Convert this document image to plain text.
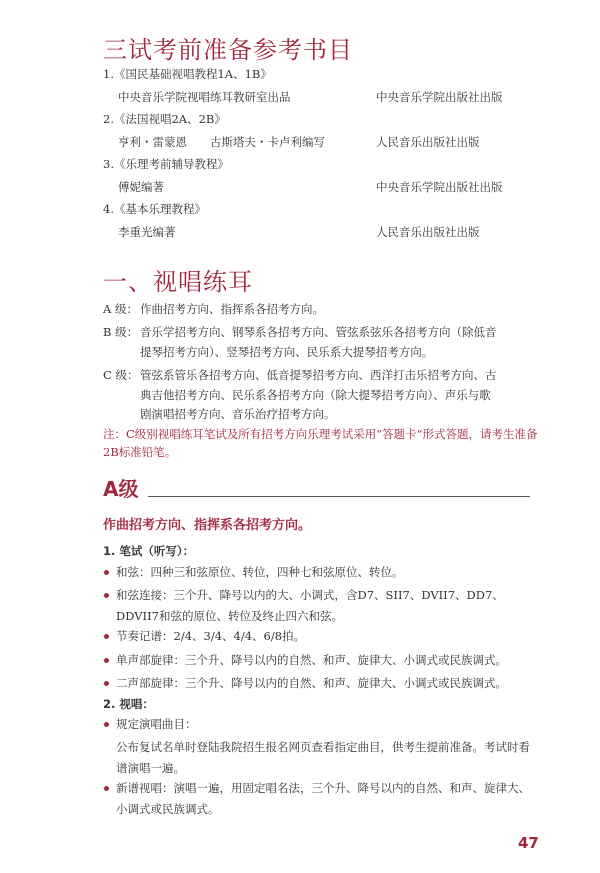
三试考前准备参考书目
1.《国民基础视唱教程1A、1B》
中央音乐学院视唱练耳教研室出品	中央音乐学院出版社出版
2.《法国视唱2A、2B》
亨利・雷蒙恩　　古斯塔夫・卡卢利编写	人民音乐出版社出版
3.《乐理考前辅导教程》
傅妮编著	中央音乐学院出版社出版
4.《基本乐理教程》
李重光编著	人民音乐出版社出版
一、视唱练耳
A 级： 作曲招考方向、指挥系各招考方向。
B 级： 音乐学招考方向、钢琴系各招考方向、管弦系弦乐各招考方向（除低音
提琴招考方向）、竖琴招考方向、民乐系大提琴招考方向。
C 级： 管弦系管乐各招考方向、低音提琴招考方向、西洋打击乐招考方向、古
典吉他招考方向、民乐系各招考方向（除大提琴招考方向）、声乐与歌
剧演唱招考方向、音乐治疗招考方向。
注：C级别视唱练耳笔试及所有招考方向乐理考试采用“答题卡”形式答题，请考生准备2B标准铅笔。
A级
作曲招考方向、指挥系各招考方向。
1. 笔试（听写）：
和弦：四种三和弦原位、转位，四种七和弦原位、转位。
和弦连接：三个升、降号以内的大、小调式，含D7、SII7、DVII7、DD7、DDVII7和弦的原位、转位及终止四六和弦。
节奏记谱：2/4、3/4、4/4、6/8拍。
单声部旋律：三个升、降号以内的自然、和声、旋律大、小调式或民族调式。
二声部旋律：三个升、降号以内的自然、和声、旋律大、小调式或民族调式。
2. 视唱：
规定演唱曲目：
公布复试名单时登陆我院招生报名网页查看指定曲目，供考生提前准备。考试时看谱演唱一遍。
新谱视唱：演唱一遍，用固定唱名法，三个升、降号以内的自然、和声、旋律大、小调式或民族调式。
47
